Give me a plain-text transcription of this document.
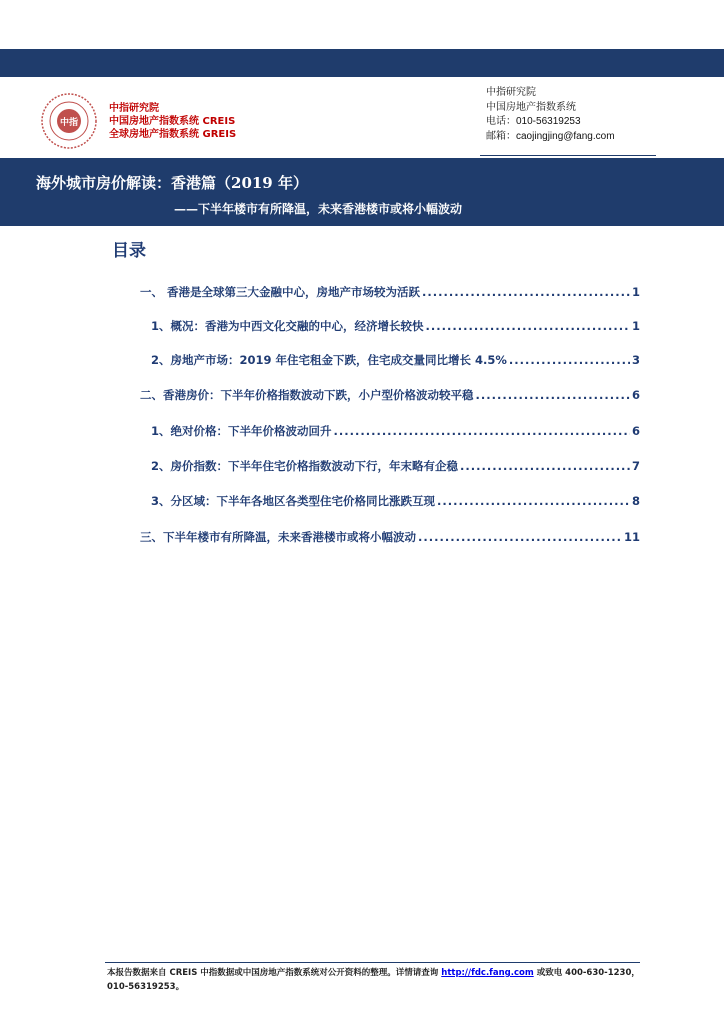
中指
中指研究院
中国房地产指数系统 CREIS
全球房地产指数系统 GREIS
中指研究院
中国房地产指数系统
电话：010-56319253
邮箱：caojingjing@fang.com
海外城市房价解读：香港篇（2019 年）
——下半年楼市有所降温，未来香港楼市或将小幅波动
目录
一、 香港是全球第三大金融中心，房地产市场较为活跃 .....	1
1、概况：香港为中西文化交融的中心，经济增长较快 .....	1
2、房地产市场：2019 年住宅租金下跌，住宅成交量同比增长 4.5% .....	3
二、香港房价：下半年价格指数波动下跌，小户型价格波动较平稳 .....	6
1、绝对价格：下半年价格波动回升 .....	6
2、房价指数：下半年住宅价格指数波动下行，年末略有企稳 .....	7
3、分区域：下半年各地区各类型住宅价格同比涨跌互现 .....	8
三、下半年楼市有所降温，未来香港楼市或将小幅波动 .....	11
本报告数据来自 CREIS 中指数据或中国房地产指数系统对公开资料的整理。详情请查询 http://fdc.fang.com 或致电 400-630-1230，010-56319253。
